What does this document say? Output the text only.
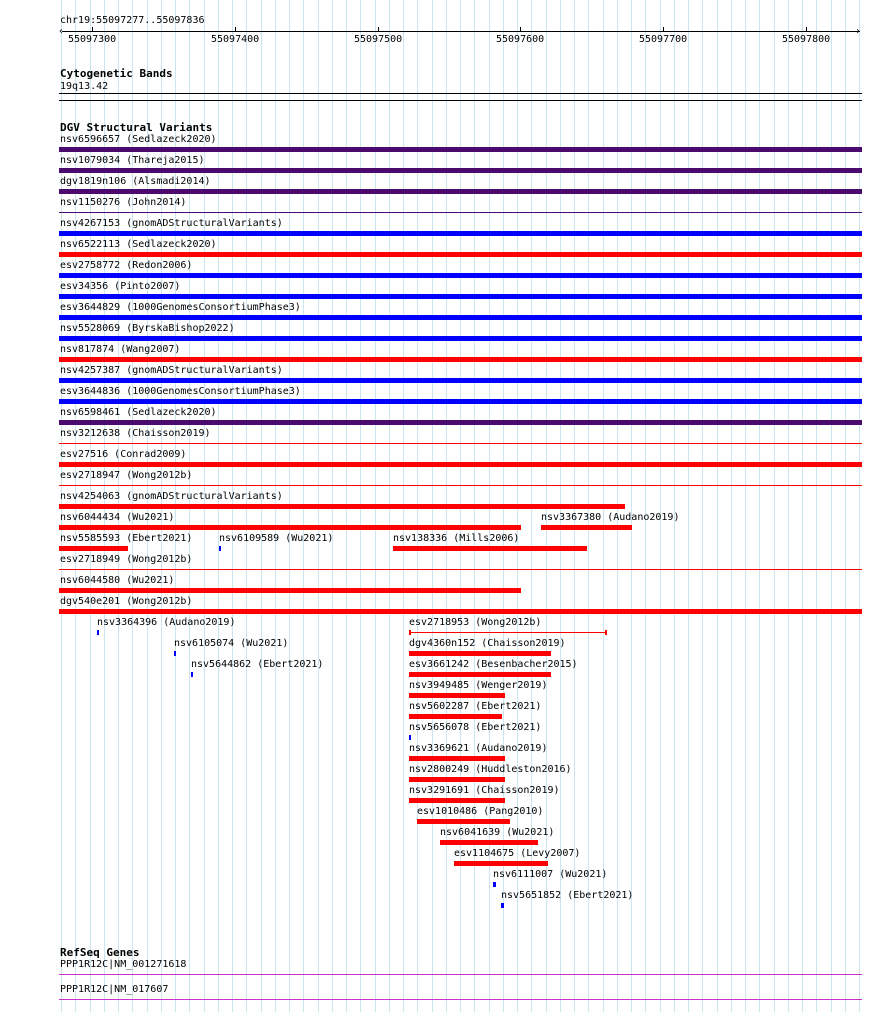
chr19:55097277..55097836
‹	›
55097300	55097400	55097500	55097600	55097700	55097800
Cytogenetic Bands
19q13.42
DGV Structural Variants
nsv6596657 (Sedlazeck2020)
nsv1079034 (Thareja2015)
dgv1819n106 (Alsmadi2014)
nsv1150276 (John2014)
nsv4267153 (gnomADStructuralVariants)
nsv6522113 (Sedlazeck2020)
esv2758772 (Redon2006)
esv34356 (Pinto2007)
esv3644829 (1000GenomesConsortiumPhase3)
nsv5528069 (ByrskaBishop2022)
nsv817874 (Wang2007)
nsv4257387 (gnomADStructuralVariants)
esv3644836 (1000GenomesConsortiumPhase3)
nsv6598461 (Sedlazeck2020)
nsv3212638 (Chaisson2019)
esv27516 (Conrad2009)
esv2718947 (Wong2012b)
nsv4254063 (gnomADStructuralVariants)
nsv6044434 (Wu2021)	nsv3367380 (Audano2019)
nsv5585593 (Ebert2021)	nsv6109589 (Wu2021)	nsv138336 (Mills2006)
esv2718949 (Wong2012b)
nsv6044580 (Wu2021)
dgv540e201 (Wong2012b)
nsv3364396 (Audano2019)	esv2718953 (Wong2012b)
nsv6105074 (Wu2021)	dgv4360n152 (Chaisson2019)
nsv5644862 (Ebert2021)	esv3661242 (Besenbacher2015)
nsv3949485 (Wenger2019)
nsv5602287 (Ebert2021)
nsv5656078 (Ebert2021)
nsv3369621 (Audano2019)
nsv2800249 (Huddleston2016)
nsv3291691 (Chaisson2019)
esv1010486 (Pang2010)
nsv6041639 (Wu2021)
esv1104675 (Levy2007)
nsv6111007 (Wu2021)
nsv5651852 (Ebert2021)
RefSeq Genes
PPP1R12C|NM_001271618
PPP1R12C|NM_017607
